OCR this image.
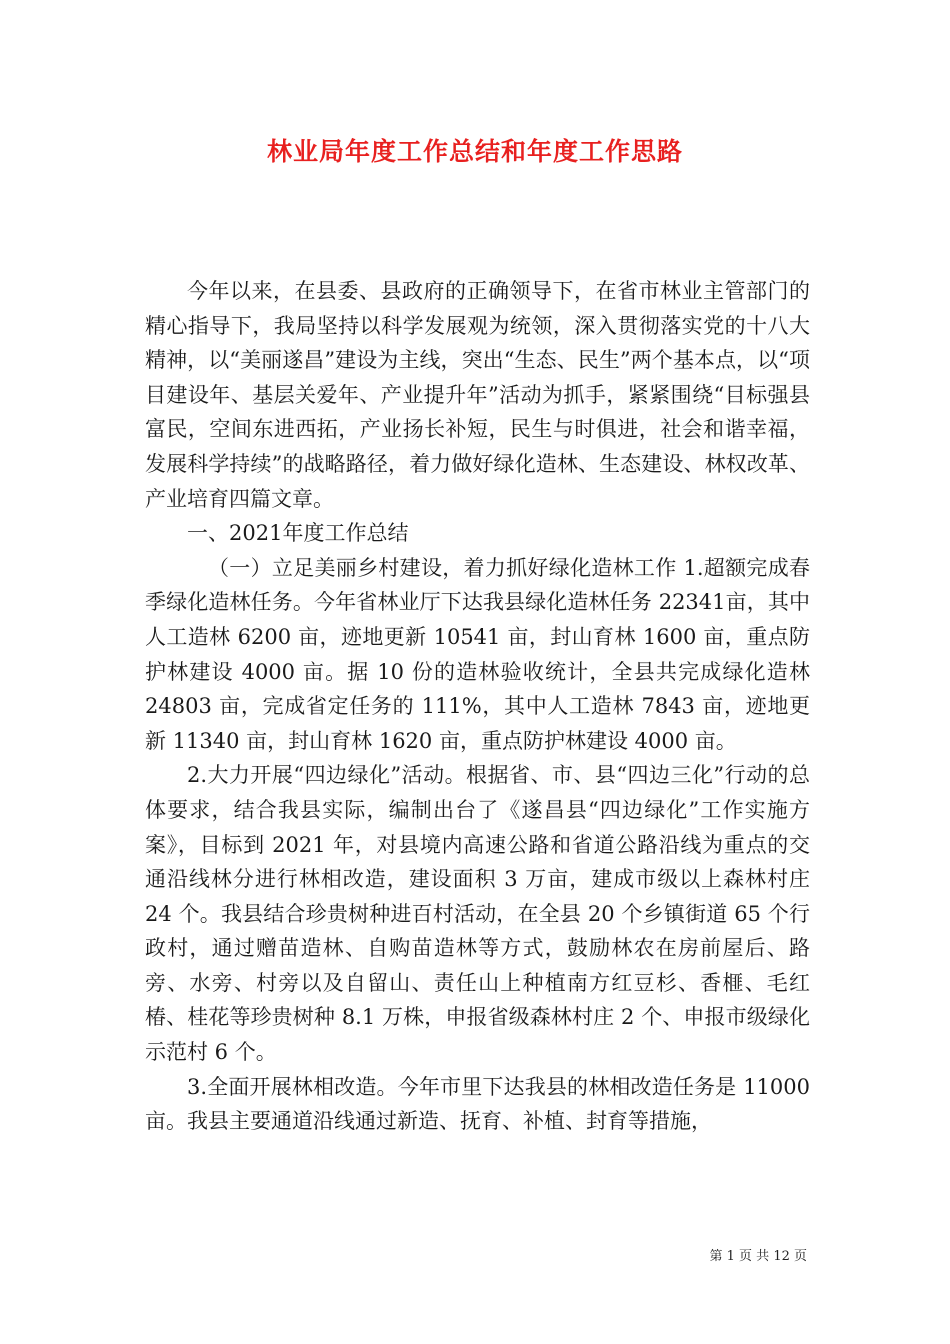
林业局年度工作总结和年度工作思路

今年以来，在县委、县政府的正确领导下，在省市林业主管部门的精心指导下，我局坚持以科学发展观为统领，深入贯彻落实党的十八大精神，以“美丽遂昌”建设为主线，突出“生态、民生”两个基本点，以“项目建设年、基层关爱年、产业提升年”活动为抓手，紧紧围绕“目标强县富民，空间东进西拓，产业扬长补短，民生与时俱进，社会和谐幸福，发展科学持续”的战略路径，着力做好绿化造林、生态建设、林权改革、产业培育四篇文章。

一、2021年度工作总结

（一）立足美丽乡村建设，着力抓好绿化造林工作 1.超额完成春季绿化造林任务。今年省林业厅下达我县绿化造林任务 22341亩，其中人工造林 6200 亩，迹地更新 10541 亩，封山育林 1600 亩，重点防护林建设 4000 亩。据 10 份的造林验收统计，全县共完成绿化造林 24803 亩，完成省定任务的 111%，其中人工造林 7843 亩，迹地更新 11340 亩，封山育林 1620 亩，重点防护林建设 4000 亩。

2.大力开展“四边绿化”活动。根据省、市、县“四边三化”行动的总体要求，结合我县实际，编制出台了《遂昌县“四边绿化”工作实施方案》，目标到 2021 年，对县境内高速公路和省道公路沿线为重点的交通沿线林分进行林相改造，建设面积 3 万亩，建成市级以上森林村庄 24 个。我县结合珍贵树种进百村活动，在全县 20 个乡镇街道 65 个行政村，通过赠苗造林、自购苗造林等方式，鼓励林农在房前屋后、路旁、水旁、村旁以及自留山、责任山上种植南方红豆杉、香榧、毛红椿、桂花等珍贵树种 8.1 万株，申报省级森林村庄 2 个、申报市级绿化示范村 6 个。

3.全面开展林相改造。今年市里下达我县的林相改造任务是 11000 亩。我县主要通道沿线通过新造、抚育、补植、封育等措施，

第 1 页 共 12 页
